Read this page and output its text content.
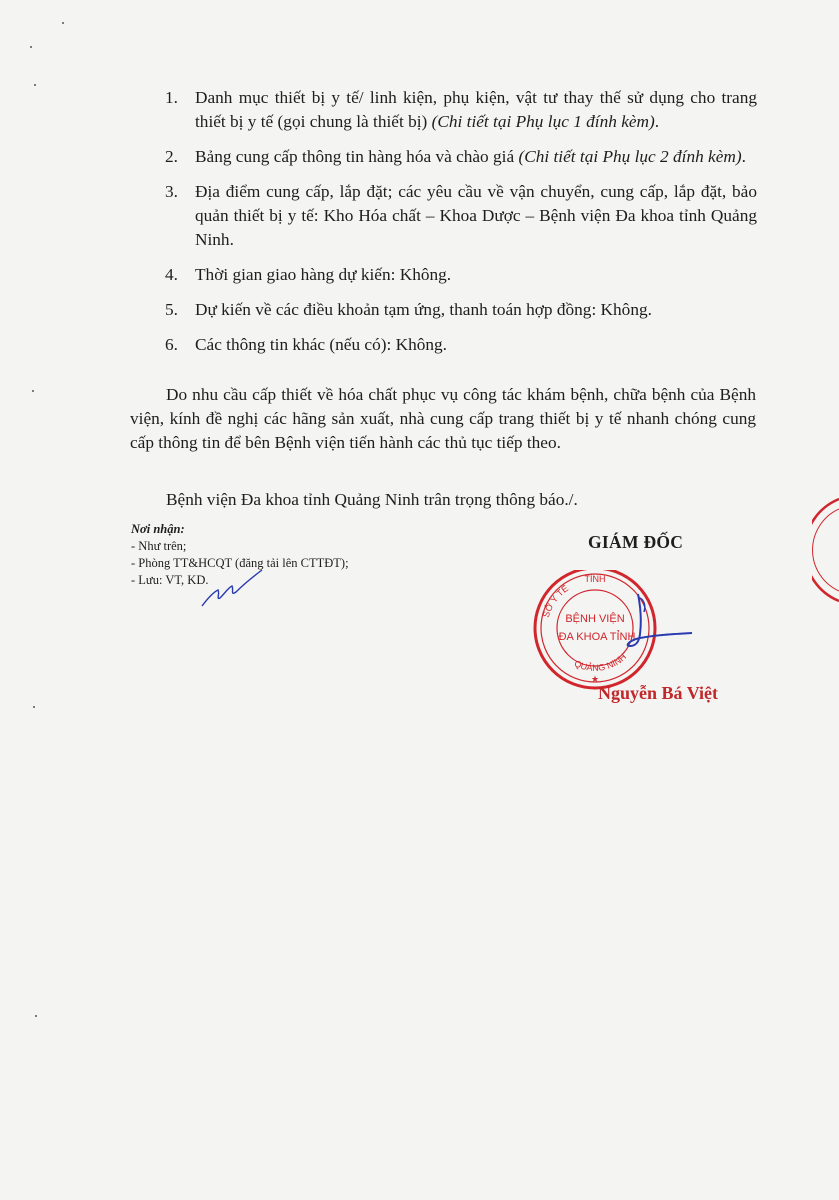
1. Danh mục thiết bị y tế/ linh kiện, phụ kiện, vật tư thay thế sử dụng cho trang thiết bị y tế (gọi chung là thiết bị) (Chi tiết tại Phụ lục 1 đính kèm).
2. Bảng cung cấp thông tin hàng hóa và chào giá (Chi tiết tại Phụ lục 2 đính kèm).
3. Địa điểm cung cấp, lắp đặt; các yêu cầu về vận chuyển, cung cấp, lắp đặt, bảo quản thiết bị y tế: Kho Hóa chất – Khoa Dược – Bệnh viện Đa khoa tỉnh Quảng Ninh.
4. Thời gian giao hàng dự kiến: Không.
5. Dự kiến về các điều khoản tạm ứng, thanh toán hợp đồng: Không.
6. Các thông tin khác (nếu có): Không.

Do nhu cầu cấp thiết về hóa chất phục vụ công tác khám bệnh, chữa bệnh của Bệnh viện, kính đề nghị các hãng sản xuất, nhà cung cấp trang thiết bị y tế nhanh chóng cung cấp thông tin để bên Bệnh viện tiến hành các thủ tục tiếp theo.

Bệnh viện Đa khoa tỉnh Quảng Ninh trân trọng thông báo./.

Nơi nhận:
- Như trên;
- Phòng TT&HCQT (đăng tải lên CTTĐT);
- Lưu: VT, KD.
GIÁM ĐỐC
SỞ Y TẾ
TỈNH
QUẢNG NINH
BỆNH VIỆN
ĐA KHOA TỈNH
★
Nguyễn Bá Việt
